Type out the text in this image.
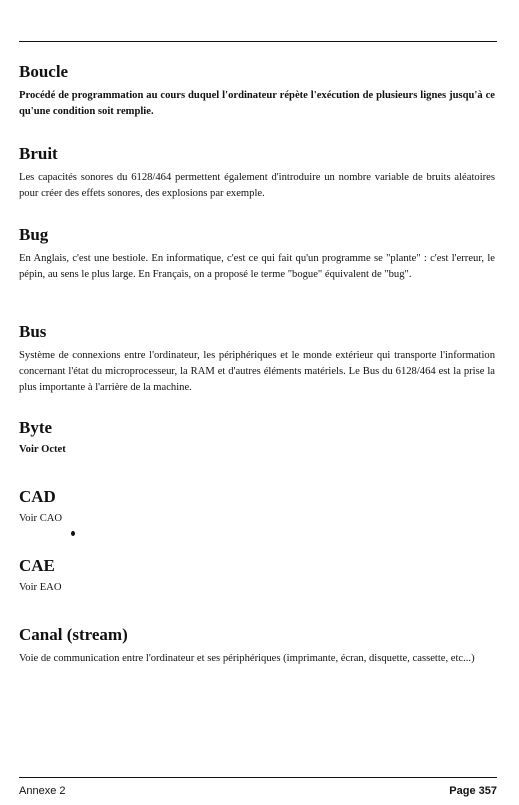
Boucle

Procédé de programmation au cours duquel l'ordinateur répète l'exécution de plusieurs lignes jusqu'à ce qu'une condition soit remplie.

Bruit

Les capacités sonores du 6128/464 permettent également d'introduire un nombre variable de bruits aléatoires pour créer des effets sonores, des explosions par exemple.

Bug

En Anglais, c'est une bestiole. En informatique, c'est ce qui fait qu'un programme se "plante" : c'est l'erreur, le pépin, au sens le plus large. En Français, on a proposé le terme "bogue" équivalent de "bug".

Bus

Système de connexions entre l'ordinateur, les périphériques et le monde extérieur qui transporte l'information concernant l'état du microprocesseur, la RAM et d'autres éléments matériels. Le Bus du 6128/464 est la prise la plus importante à l'arrière de la machine.

Byte

Voir Octet

CAD

Voir CAO

CAE

Voir EAO

Canal (stream)

Voie de communication entre l'ordinateur et ses périphériques (imprimante, écran, disquette, cassette, etc...)

Annexe 2	Page 357
